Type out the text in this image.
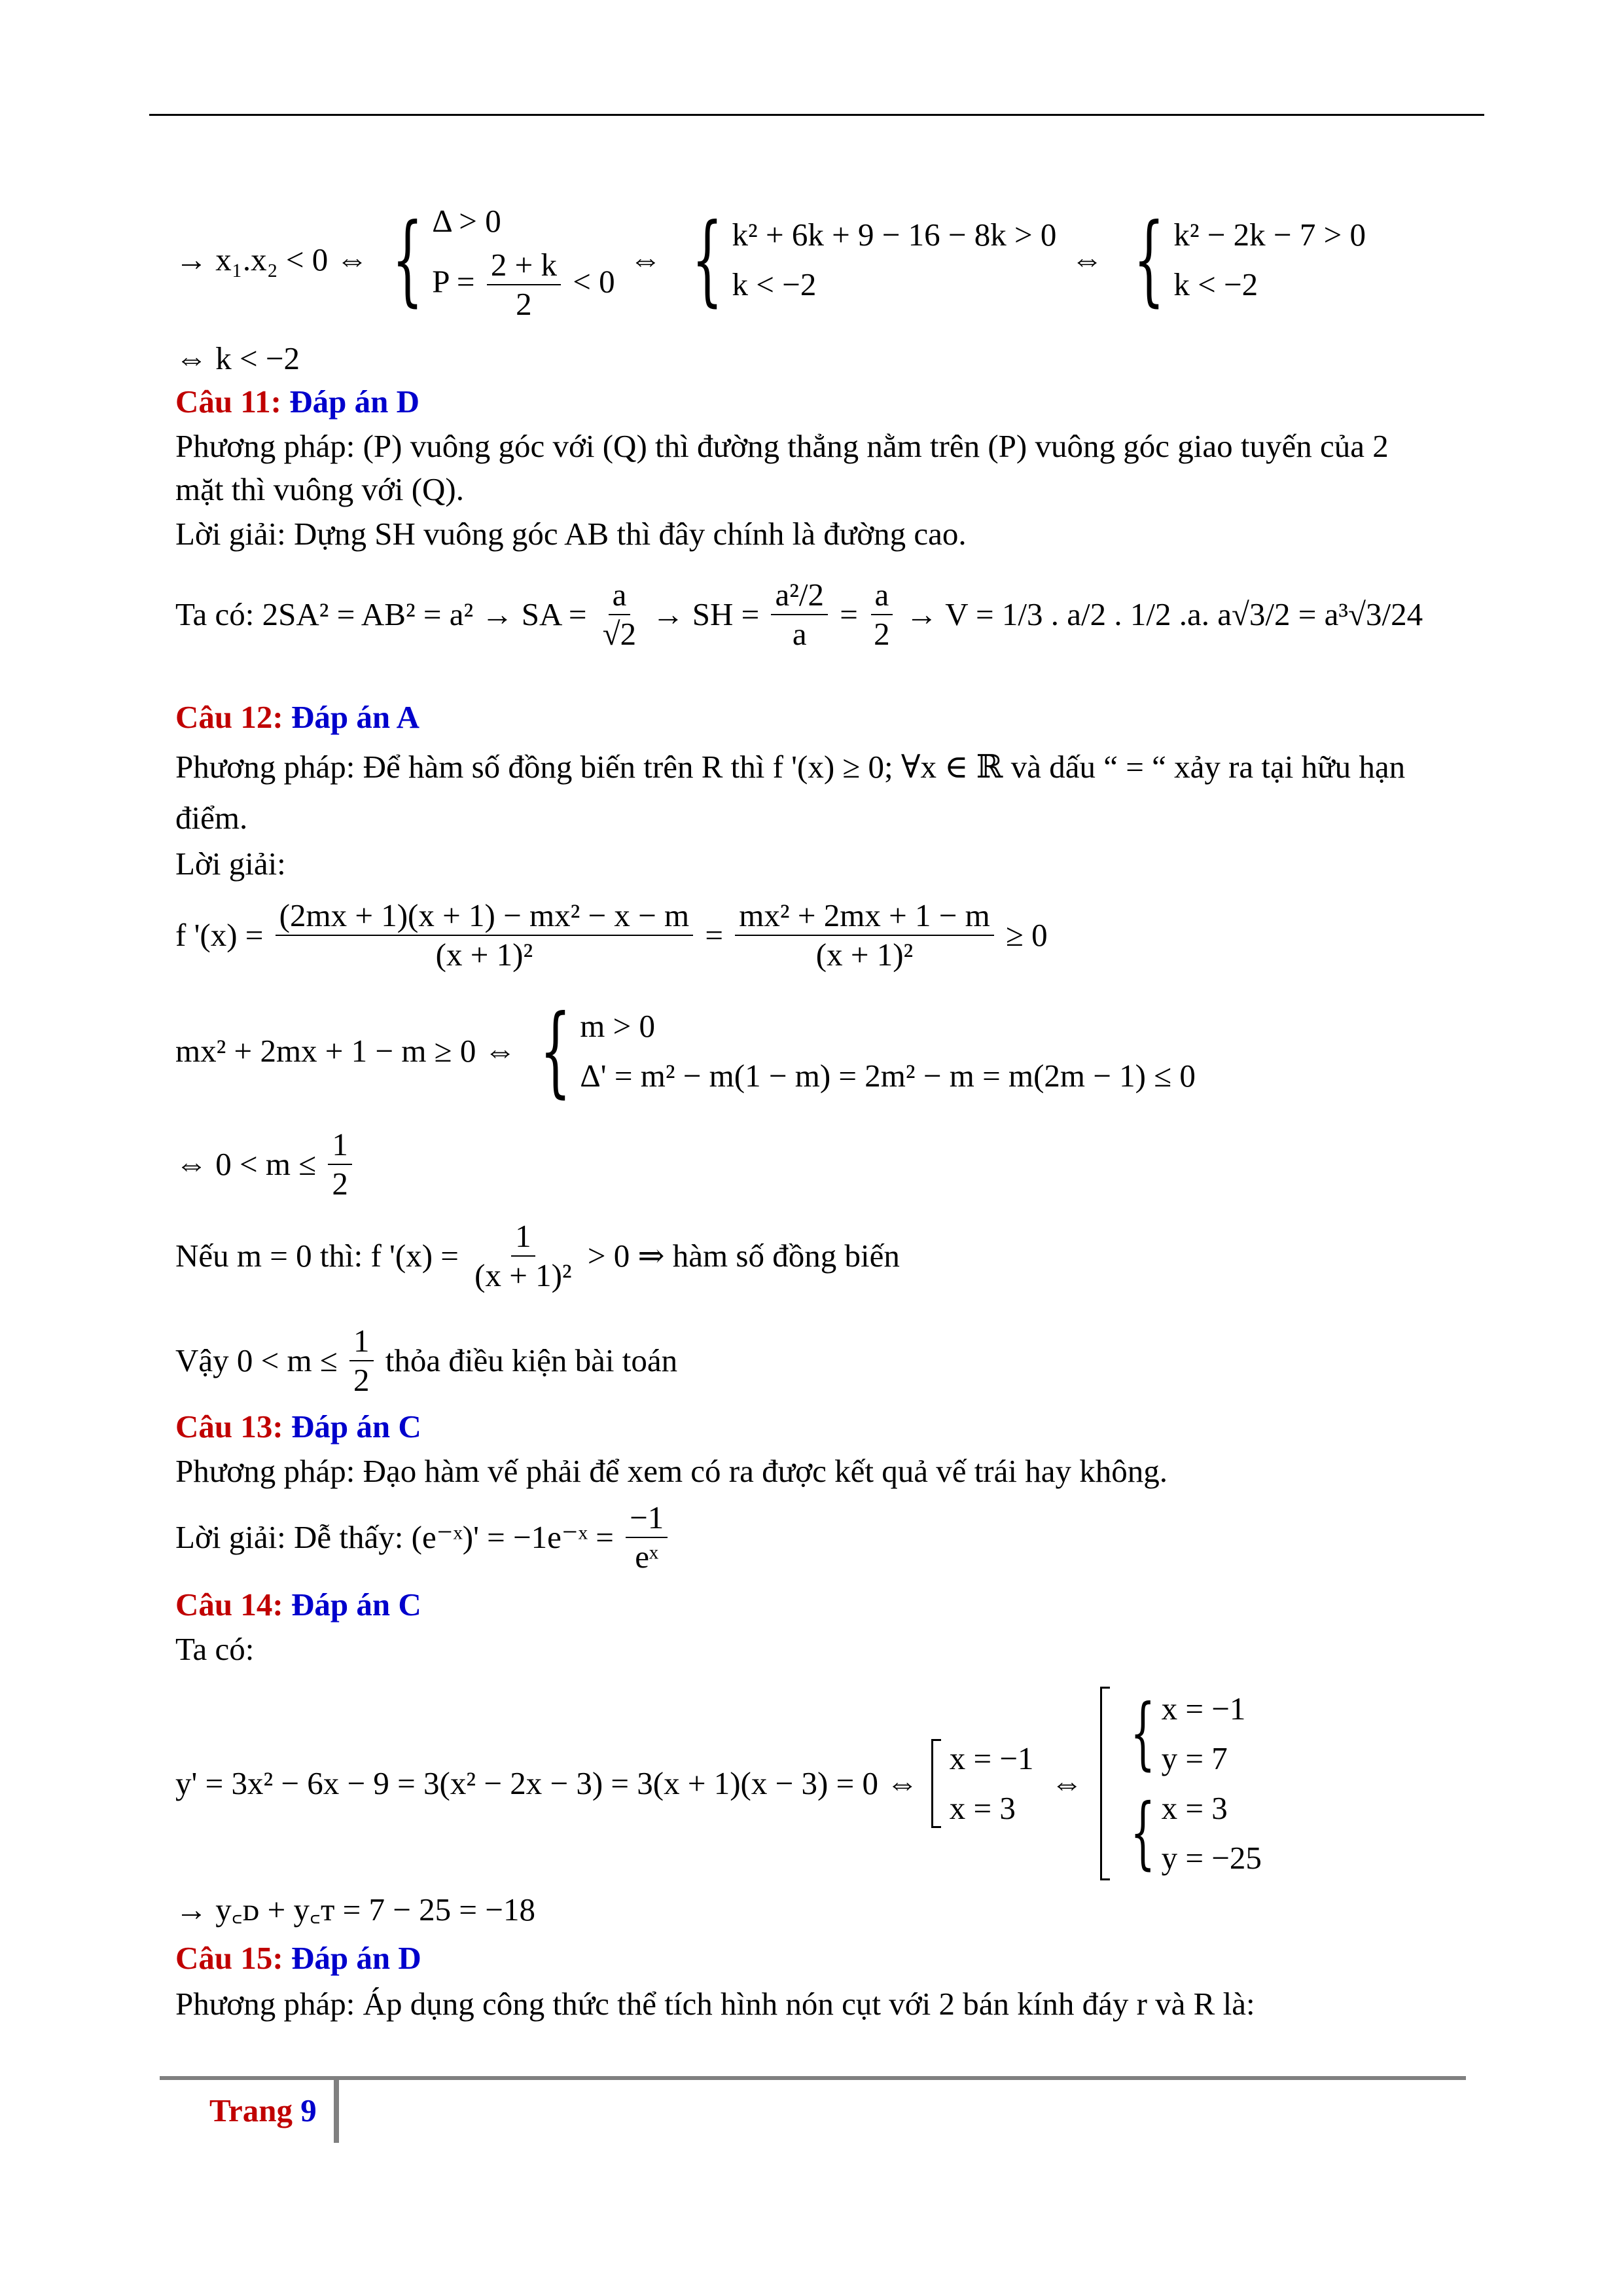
→ x₁.x₂ < 0 ⇔ { Δ > 0
$P = \frac{2 + k}{2} < 0$
⇔ { k² + 6k + 9 − 16 − 8k > 0
k < −2
⇔ { k² − 2k − 7 > 0
k < −2
⇔ k < −2
Câu 11: Đáp án D
Phương pháp: (P) vuông góc với (Q) thì đường thẳng nằm trên (P) vuông góc giao tuyến của 2
mặt thì vuông với (Q).
Lời giải: Dựng SH vuông góc AB thì đây chính là đường cao.
Ta có: 2SA² = AB² = a² → SA = $\frac{a}{√2}$ → SH = $\frac{\text{a²/2}}{a} = \frac{a}{2} \to V = 1/3$ . a/2 . 1/2 .a. a√3/2 = a³√3/24
Câu 12: Đáp án A
Phương pháp: Để hàm số đồng biến trên R thì f '(x) ≥ 0; ∀x ∈ ℝ và dấu “ = “ xảy ra tại hữu hạn
điểm.
Lời giải:
f '$(x) = \frac{\text{(2mx + 1)(x + 1) − mx² − x − m}}{\text{(x + 1)²}} = \frac{\text{mx² + 2mx + 1 − m}}{\text{(x + 1)²}} \ge 0$
mx² + 2mx + 1 − m ≥ 0 ⇔ { m > 0
Δ' = m² − m(1 − m) = 2m² − m = m(2m − 1) ≤ 0
⇔ $0 < m \le \frac{1}{2}$
Nếu m = 0 thì: f '$(x) = \frac{1}{\text{(x + 1)²}} > 0$ ⇒ hàm số đồng biến
Vậy $0 < m \le \frac{1}{2}$ thỏa điều kiện bài toán
Câu 13: Đáp án C
Phương pháp: Đạo hàm vế phải để xem có ra được kết quả vế trái hay không.
Lời giải: Dễ thấy: (e⁻ˣ)' = −1e⁻ˣ = $\frac{-1}{\text{eˣ}}$
Câu 14: Đáp án C
Ta có:
y' = 3x² − 6x − 9 = 3(x² − 2x − 3) = 3(x + 1)(x − 3) = 0 ⇔
x = −1
x = 3
⇔
{ x = −1
y = 7
{ x = 3
y = −25
→ y꜀ᴅ + y꜀ᴛ = 7 − 25 = −18
Câu 15: Đáp án D
Phương pháp: Áp dụng công thức thể tích hình nón cụt với 2 bán kính đáy r và R là:
Trang 9
